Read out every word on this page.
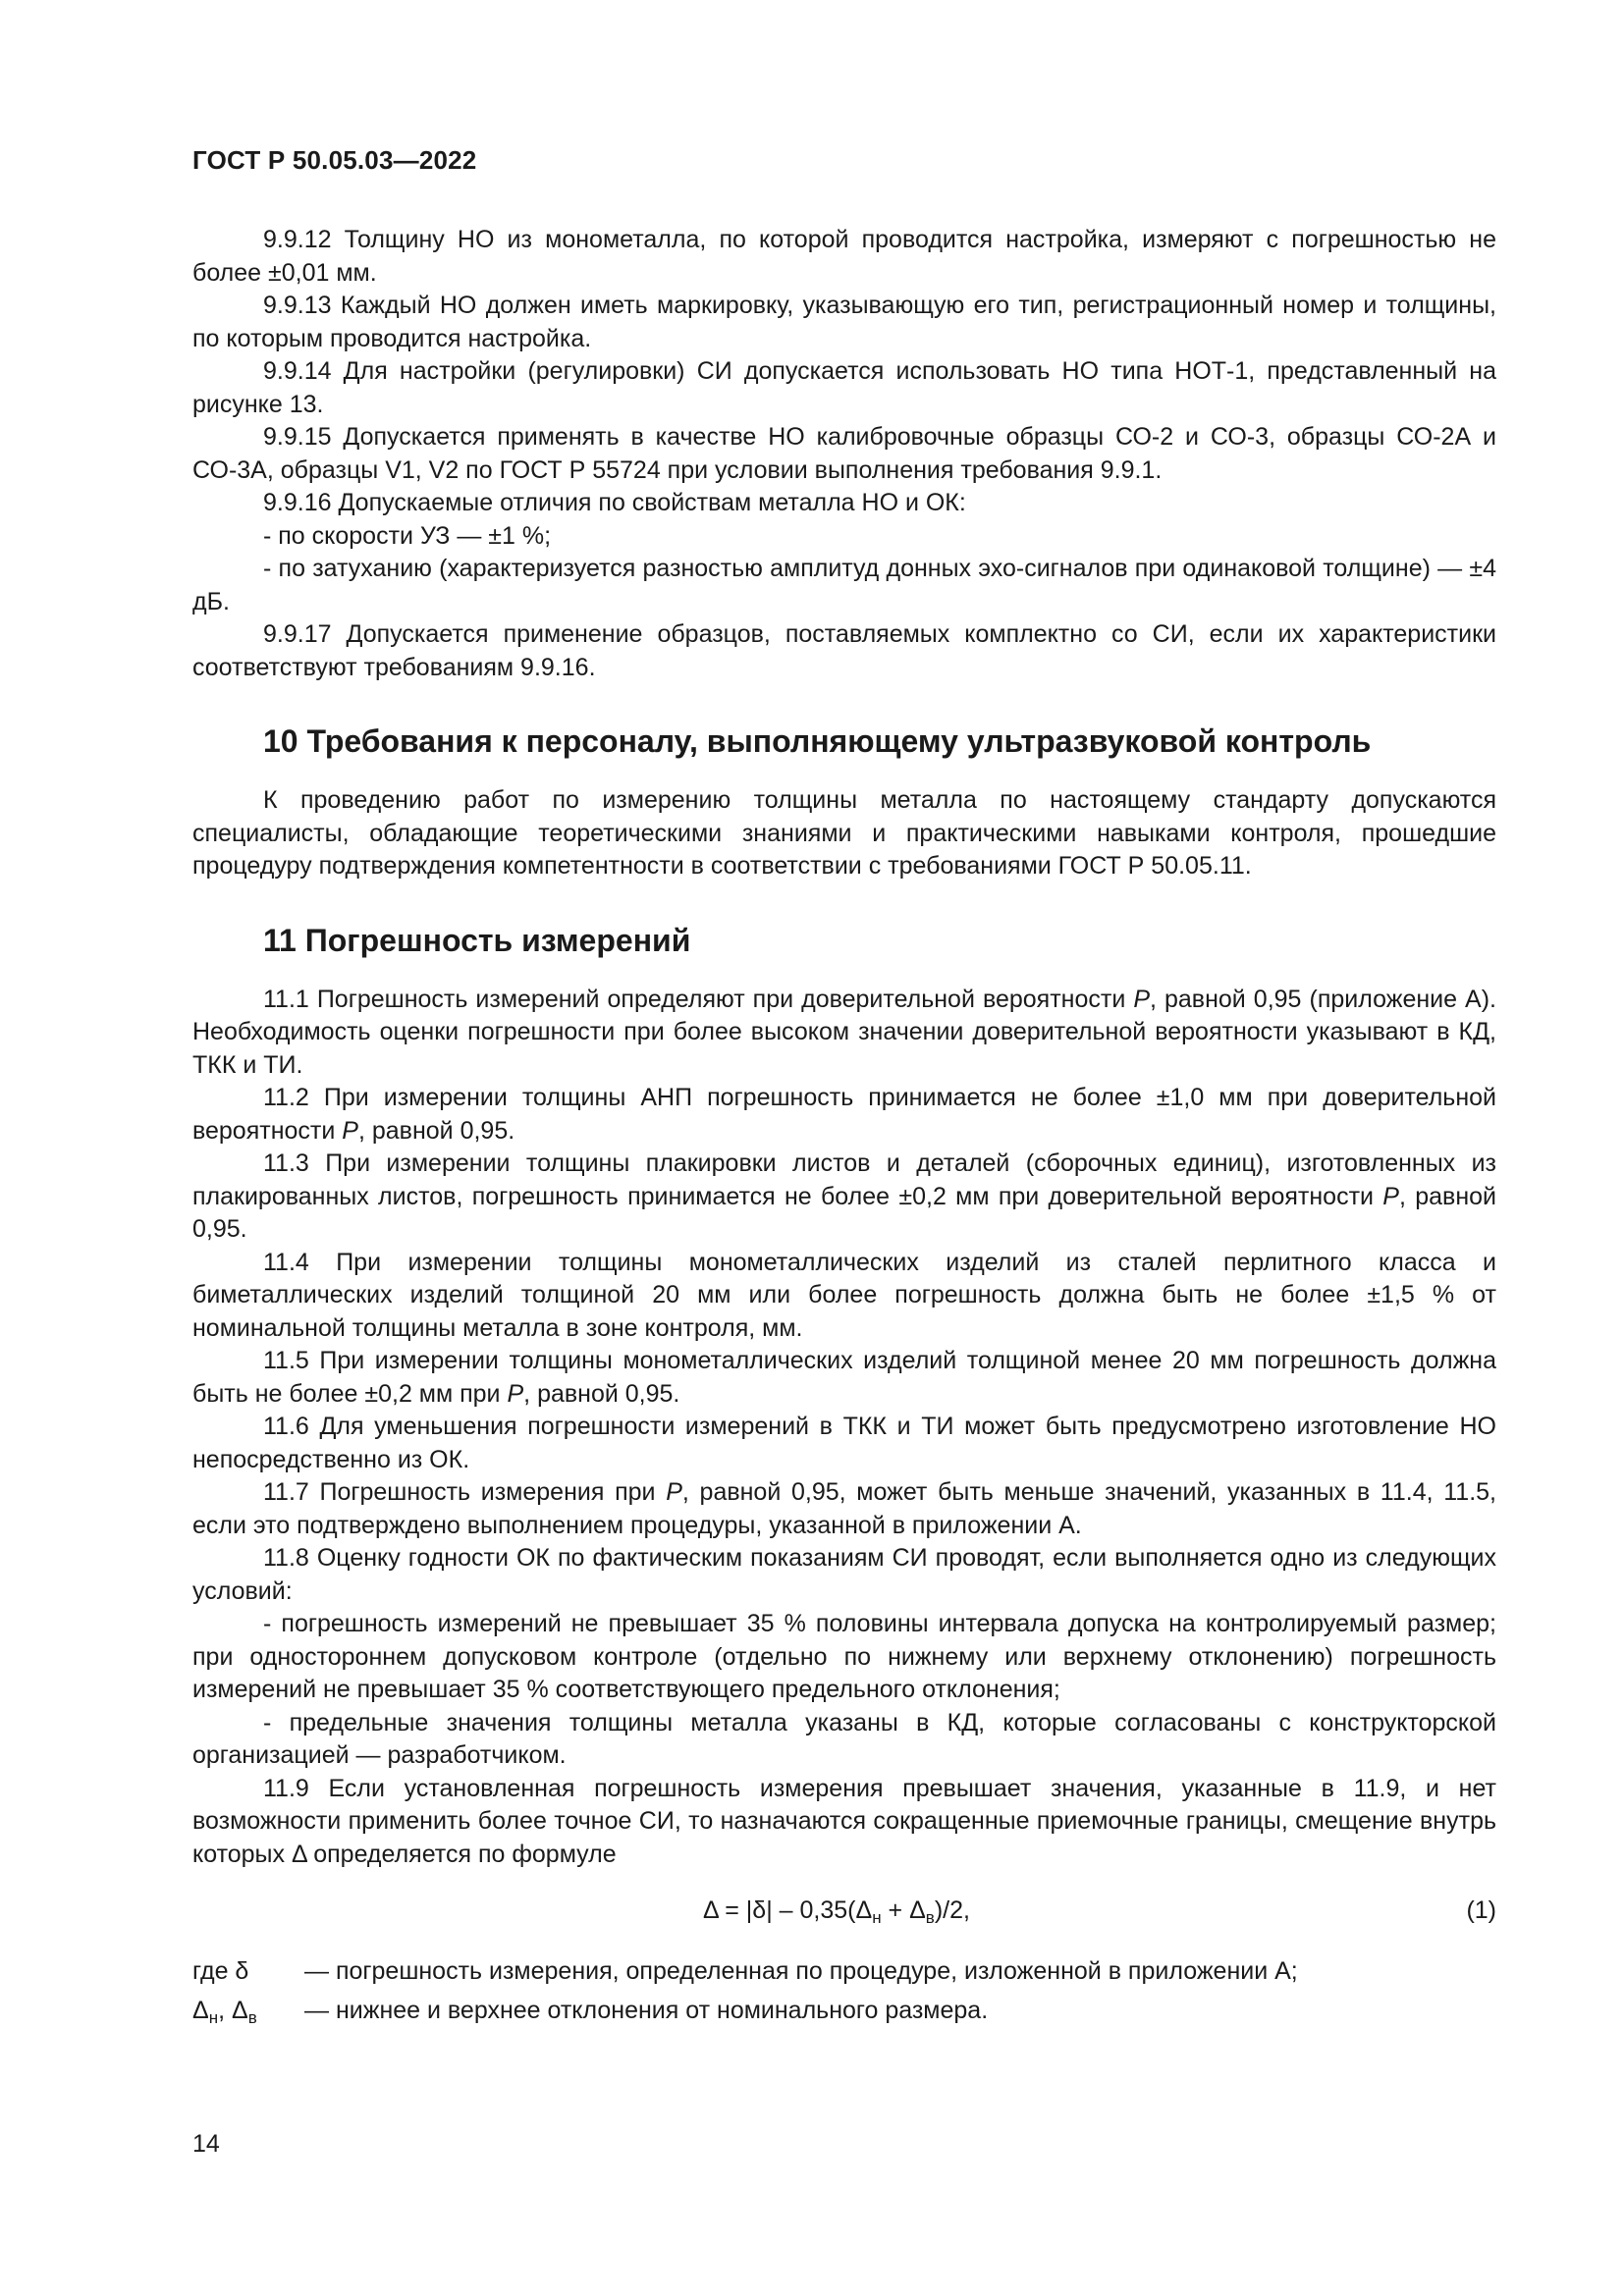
ГОСТ Р 50.05.03—2022

9.9.12 Толщину НО из монометалла, по которой проводится настройка, измеряют с погрешностью не более ±0,01 мм.

9.9.13 Каждый НО должен иметь маркировку, указывающую его тип, регистрационный номер и толщины, по которым проводится настройка.

9.9.14 Для настройки (регулировки) СИ допускается использовать НО типа НОТ-1, представленный на рисунке 13.

9.9.15 Допускается применять в качестве НО калибровочные образцы СО-2 и СО-3, образцы СО-2А и СО-3А, образцы V1, V2 по ГОСТ Р 55724 при условии выполнения требования 9.9.1.

9.9.16 Допускаемые отличия по свойствам металла НО и ОК:

- по скорости УЗ — ±1 %;

- по затуханию (характеризуется разностью амплитуд донных эхо-сигналов при одинаковой толщине) — ±4 дБ.

9.9.17 Допускается применение образцов, поставляемых комплектно со СИ, если их характеристики соответствуют требованиям 9.9.16.

10 Требования к персоналу, выполняющему ультразвуковой контроль

К проведению работ по измерению толщины металла по настоящему стандарту допускаются специалисты, обладающие теоретическими знаниями и практическими навыками контроля, прошедшие процедуру подтверждения компетентности в соответствии с требованиями ГОСТ Р 50.05.11.

11 Погрешность измерений

11.1 Погрешность измерений определяют при доверительной вероятности P, равной 0,95 (приложение А). Необходимость оценки погрешности при более высоком значении доверительной вероятности указывают в КД, ТКК и ТИ.

11.2 При измерении толщины АНП погрешность принимается не более ±1,0 мм при доверительной вероятности P, равной 0,95.

11.3 При измерении толщины плакировки листов и деталей (сборочных единиц), изготовленных из плакированных листов, погрешность принимается не более ±0,2 мм при доверительной вероятности P, равной 0,95.

11.4 При измерении толщины монометаллических изделий из сталей перлитного класса и биметаллических изделий толщиной 20 мм или более погрешность должна быть не более ±1,5 % от номинальной толщины металла в зоне контроля, мм.

11.5 При измерении толщины монометаллических изделий толщиной менее 20 мм погрешность должна быть не более ±0,2 мм при P, равной 0,95.

11.6 Для уменьшения погрешности измерений в ТКК и ТИ может быть предусмотрено изготовление НО непосредственно из ОК.

11.7 Погрешность измерения при P, равной 0,95, может быть меньше значений, указанных в 11.4, 11.5, если это подтверждено выполнением процедуры, указанной в приложении А.

11.8 Оценку годности ОК по фактическим показаниям СИ проводят, если выполняется одно из следующих условий:

- погрешность измерений не превышает 35 % половины интервала допуска на контролируемый размер; при одностороннем допусковом контроле (отдельно по нижнему или верхнему отклонению) погрешность измерений не превышает 35 % соответствующего предельного отклонения;

- предельные значения толщины металла указаны в КД, которые согласованы с конструкторской организацией — разработчиком.

11.9 Если установленная погрешность измерения превышает значения, указанные в 11.9, и нет возможности применить более точное СИ, то назначаются сокращенные приемочные границы, смещение внутрь которых Δ определяется по формуле

$\Delta = |\delta| - 0,35(\Delta_н + \Delta_в)/2$,	(1)
где δ	— погрешность измерения, определенная по процедуре, изложенной в приложении А;
$\Delta_н$, $\Delta_в$	— нижнее и верхнее отклонения от номинального размера.
14
